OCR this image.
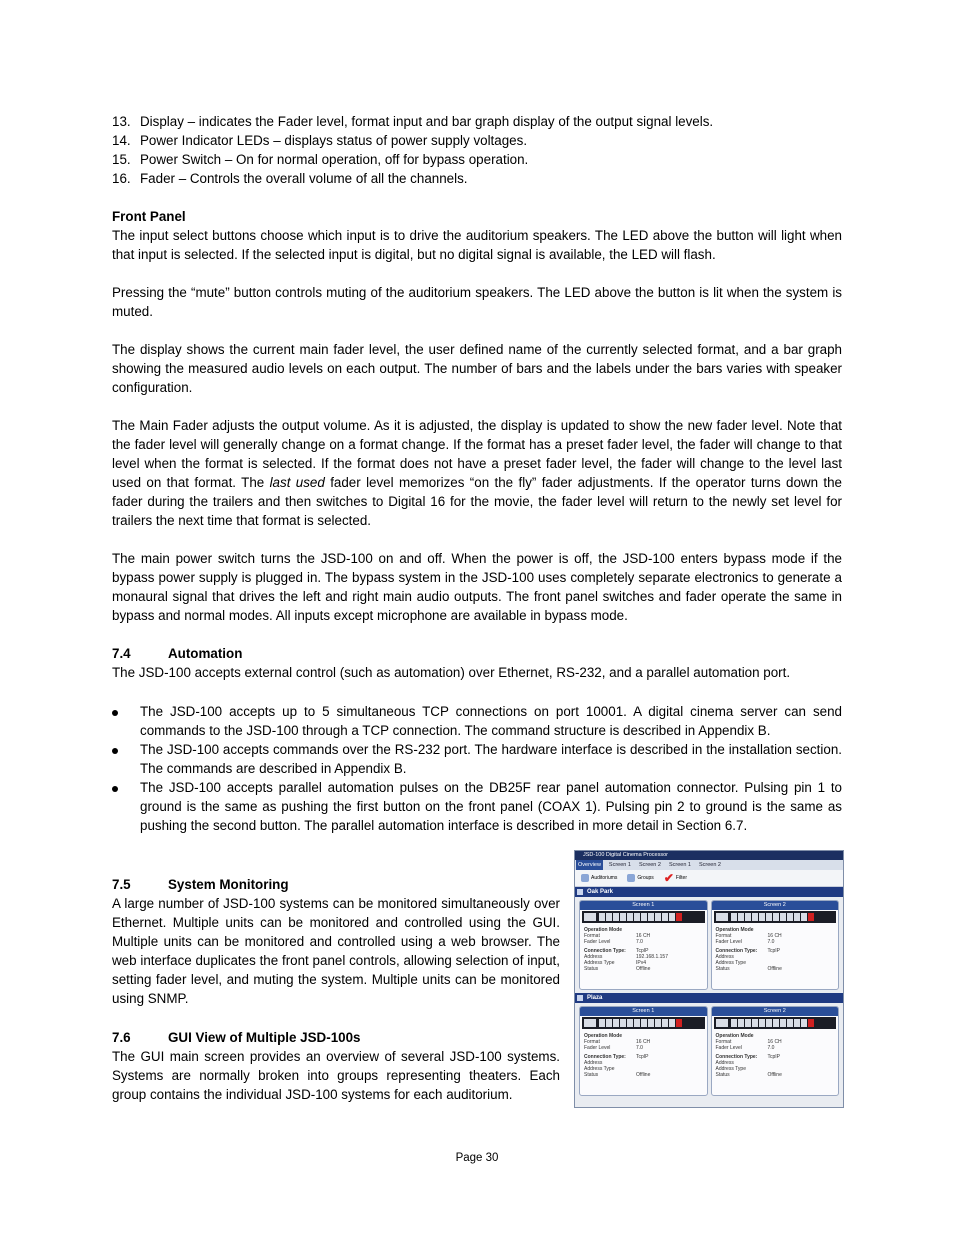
13. Display – indicates the Fader level, format input and bar graph display of the output signal levels.
14. Power Indicator LEDs – displays status of power supply voltages.
15. Power Switch – On for normal operation, off for bypass operation.
16. Fader – Controls the overall volume of all the channels.
Front Panel
The input select buttons choose which input is to drive the auditorium speakers. The LED above the button will light when that input is selected. If the selected input is digital, but no digital signal is available, the LED will flash.
Pressing the “mute” button controls muting of the auditorium speakers. The LED above the button is lit when the system is muted.
The display shows the current main fader level, the user defined name of the currently selected format, and a bar graph showing the measured audio levels on each output. The number of bars and the labels under the bars varies with speaker configuration.
The Main Fader adjusts the output volume. As it is adjusted, the display is updated to show the new fader level. Note that the fader level will generally change on a format change. If the format has a preset fader level, the fader will change to that level when the format is selected. If the format does not have a preset fader level, the fader will change to the level last used on that format. The last used fader level memorizes “on the fly” fader adjustments. If the operator turns down the fader during the trailers and then switches to Digital 16 for the movie, the fader level will return to the newly set level for trailers the next time that format is selected.
The main power switch turns the JSD-100 on and off. When the power is off, the JSD-100 enters bypass mode if the bypass power supply is plugged in. The bypass system in the JSD-100 uses completely separate electronics to generate a monaural signal that drives the left and right main audio outputs. The front panel switches and fader operate the same in bypass and normal modes. All inputs except microphone are available in bypass mode.
7.4	Automation
The JSD-100 accepts external control (such as automation) over Ethernet, RS-232, and a parallel automation port.
The JSD-100 accepts up to 5 simultaneous TCP connections on port 10001. A digital cinema server can send commands to the JSD-100 through a TCP connection. The command structure is described in Appendix B.
The JSD-100 accepts commands over the RS-232 port. The hardware interface is described in the installation section. The commands are described in Appendix B.
The JSD-100 accepts parallel automation pulses on the DB25F rear panel automation connector. Pulsing pin 1 to ground is the same as pushing the first button on the front panel (COAX 1). Pulsing pin 2 to ground is the same as pushing the second button. The parallel automation interface is described in more detail in Section 6.7.
7.5	System Monitoring
A large number of JSD-100 systems can be monitored simultaneously over Ethernet. Multiple units can be monitored and controlled using the GUI. Multiple units can be monitored and controlled using a web browser. The web interface duplicates the front panel controls, allowing selection of input, setting fader level, and muting the system. Multiple units can be monitored using SNMP.
7.6	GUI View of Multiple JSD-100s
The GUI main screen provides an overview of several JSD-100 systems. Systems are normally broken into groups representing theaters. Each group contains the individual JSD-100 systems for each auditorium.
JSD-100 Digital Cinema Processor
Overview	Screen 1	Screen 2	Screen 1	Screen 2
Auditoriums	Groups ✔ Filter
Oak Park
Screen 1
Operation Mode
Format	16 CH
Fader Level	7.0
Connection Type:	TcpIP
Address	192.168.1.157
Address Type	IPv4
Status	Offline
Screen 2
Operation Mode
Format	16 CH
Fader Level	7.0
Connection Type:	TcpIP
Address
Address Type
Status	Offline
Plaza
Screen 1
Operation Mode
Format	16 CH
Fader Level	7.0
Connection Type:	TcpIP
Address
Address Type
Status	Offline
Screen 2
Operation Mode
Format	16 CH
Fader Level	7.0
Connection Type:	TcpIP
Address
Address Type
Status	Offline
Page 30
